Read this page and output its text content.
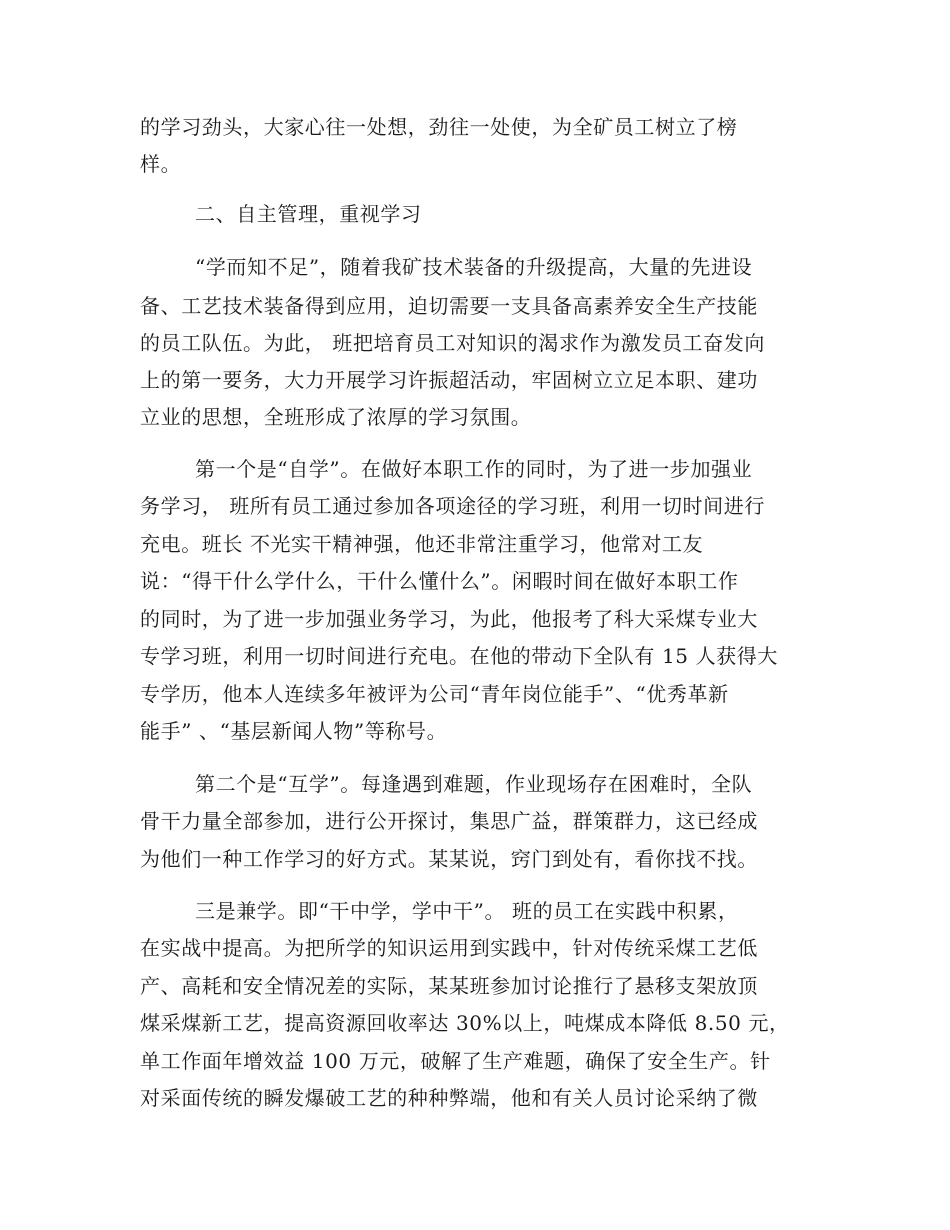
的学习劲头，大家心往一处想，劲往一处使，为全矿员工树立了榜
样。
二、自主管理，重视学习
“学而知不足”，随着我矿技术装备的升级提高，大量的先进设
备、工艺技术装备得到应用，迫切需要一支具备高素养安全生产技能
的员工队伍。为此， 班把培育员工对知识的渴求作为激发员工奋发向
上的第一要务，大力开展学习许振超活动，牢固树立立足本职、建功
立业的思想，全班形成了浓厚的学习氛围。
第一个是“自学”。在做好本职工作的同时，为了进一步加强业
务学习， 班所有员工通过参加各项途径的学习班，利用一切时间进行
充电。班长 不光实干精神强，他还非常注重学习，他常对工友
说：“得干什么学什么，干什么懂什么”。闲暇时间在做好本职工作
的同时，为了进一步加强业务学习，为此，他报考了科大采煤专业大
专学习班，利用一切时间进行充电。在他的带动下全队有 15 人获得大
专学历，他本人连续多年被评为公司“青年岗位能手”、“优秀革新
能手” 、“基层新闻人物”等称号。
第二个是“互学”。每逢遇到难题，作业现场存在困难时，全队
骨干力量全部参加，进行公开探讨，集思广益，群策群力，这已经成
为他们一种工作学习的好方式。某某说，窍门到处有，看你找不找。
三是兼学。即“干中学，学中干”。 班的员工在实践中积累，
在实战中提高。为把所学的知识运用到实践中，针对传统采煤工艺低
产、高耗和安全情况差的实际，某某班参加讨论推行了悬移支架放顶
煤采煤新工艺，提高资源回收率达 30%以上，吨煤成本降低 8.50 元，
单工作面年增效益 100 万元，破解了生产难题，确保了安全生产。针
对采面传统的瞬发爆破工艺的种种弊端，他和有关人员讨论采纳了微
